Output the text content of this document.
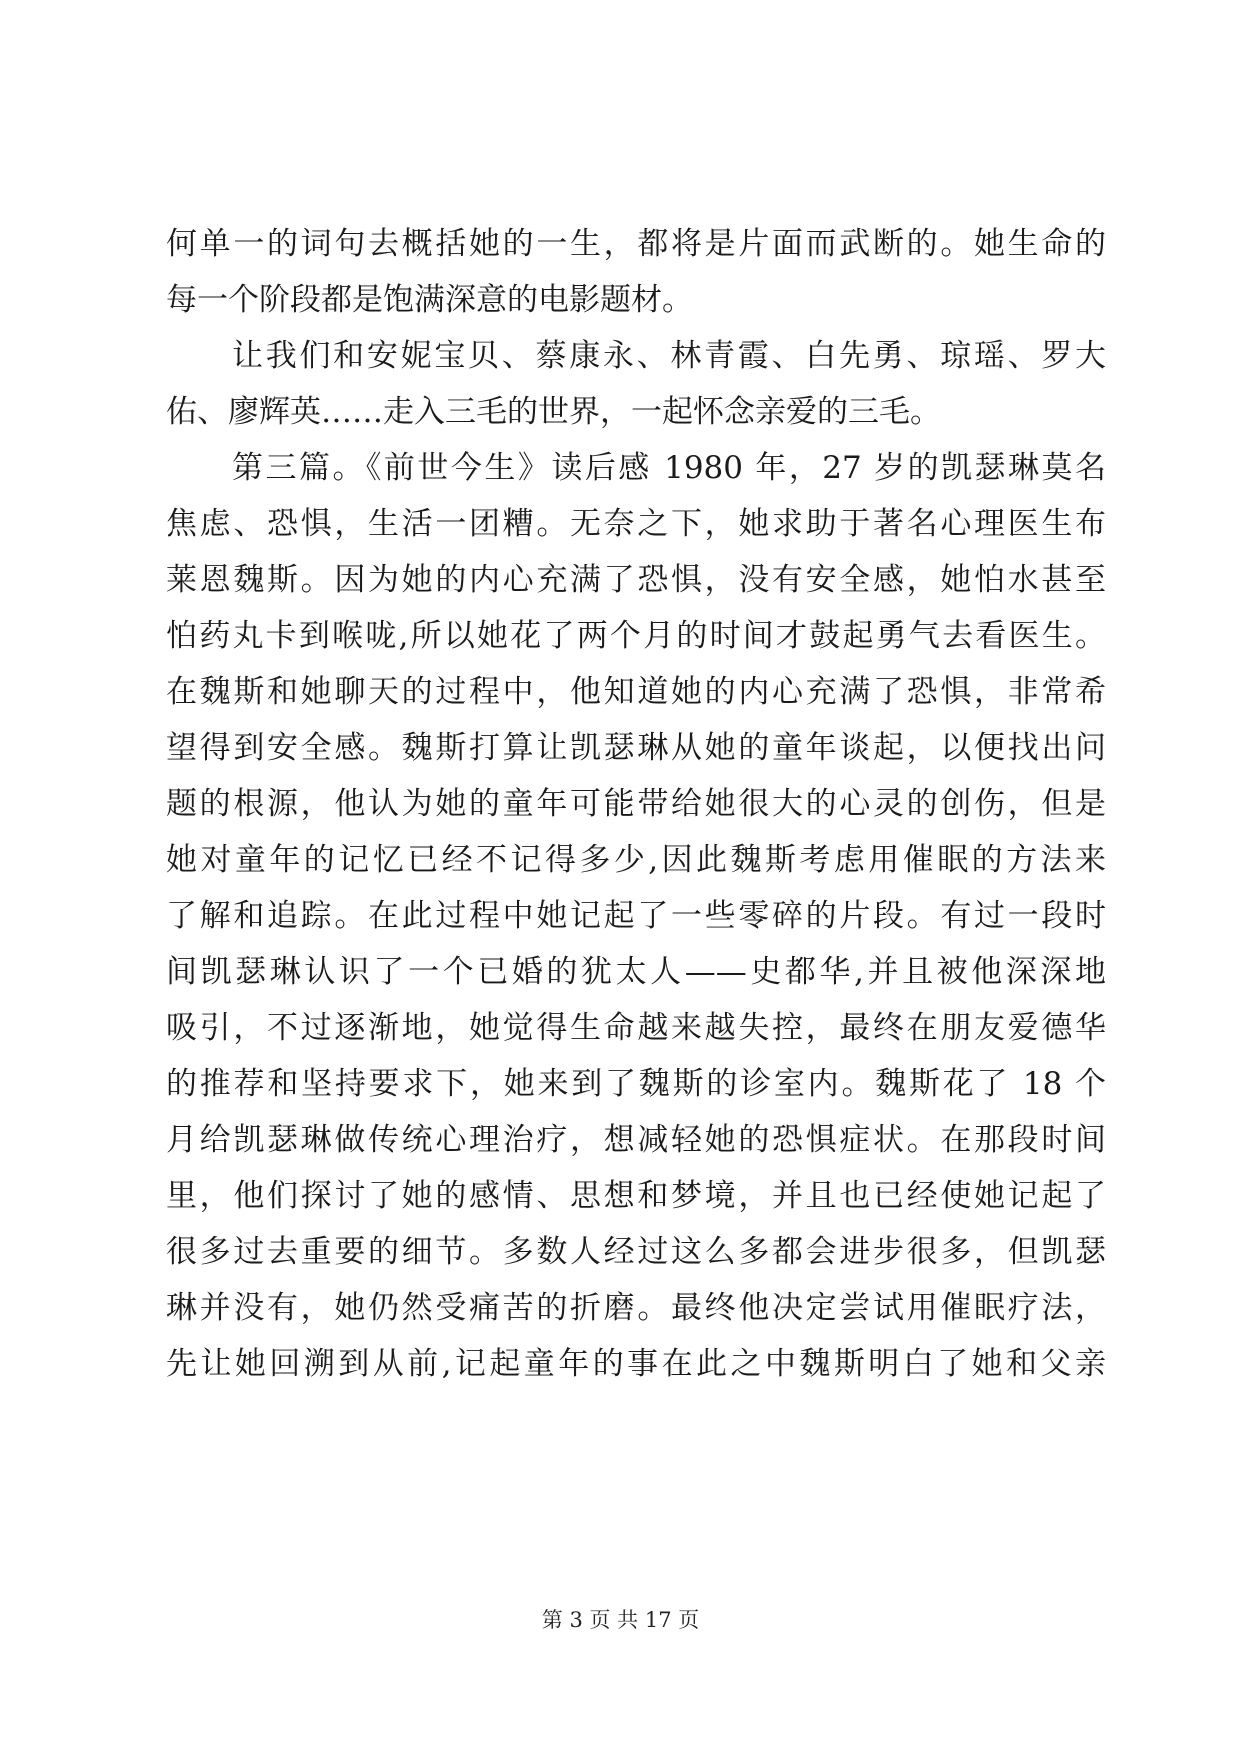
何单一的词句去概括她的一生，都将是片面而武断的。她生命的
每一个阶段都是饱满深意的电影题材。
让我们和安妮宝贝、蔡康永、林青霞、白先勇、琼瑶、罗大
佑、廖辉英……走入三毛的世界，一起怀念亲爱的三毛。
第三篇。《前世今生》读后感 1980 年，27 岁的凯瑟琳莫名
焦虑、恐惧，生活一团糟。无奈之下，她求助于著名心理医生布
莱恩魏斯。因为她的内心充满了恐惧，没有安全感，她怕水甚至
怕药丸卡到喉咙,所以她花了两个月的时间才鼓起勇气去看医生。
在魏斯和她聊天的过程中，他知道她的内心充满了恐惧，非常希
望得到安全感。魏斯打算让凯瑟琳从她的童年谈起，以便找出问
题的根源，他认为她的童年可能带给她很大的心灵的创伤，但是
她对童年的记忆已经不记得多少,因此魏斯考虑用催眠的方法来
了解和追踪。在此过程中她记起了一些零碎的片段。有过一段时
间凯瑟琳认识了一个已婚的犹太人——史都华,并且被他深深地
吸引，不过逐渐地，她觉得生命越来越失控，最终在朋友爱德华
的推荐和坚持要求下，她来到了魏斯的诊室内。魏斯花了 18 个
月给凯瑟琳做传统心理治疗，想减轻她的恐惧症状。在那段时间
里，他们探讨了她的感情、思想和梦境，并且也已经使她记起了
很多过去重要的细节。多数人经过这么多都会进步很多，但凯瑟
琳并没有，她仍然受痛苦的折磨。最终他决定尝试用催眠疗法，
先让她回溯到从前,记起童年的事在此之中魏斯明白了她和父亲
第 3 页 共 17 页
